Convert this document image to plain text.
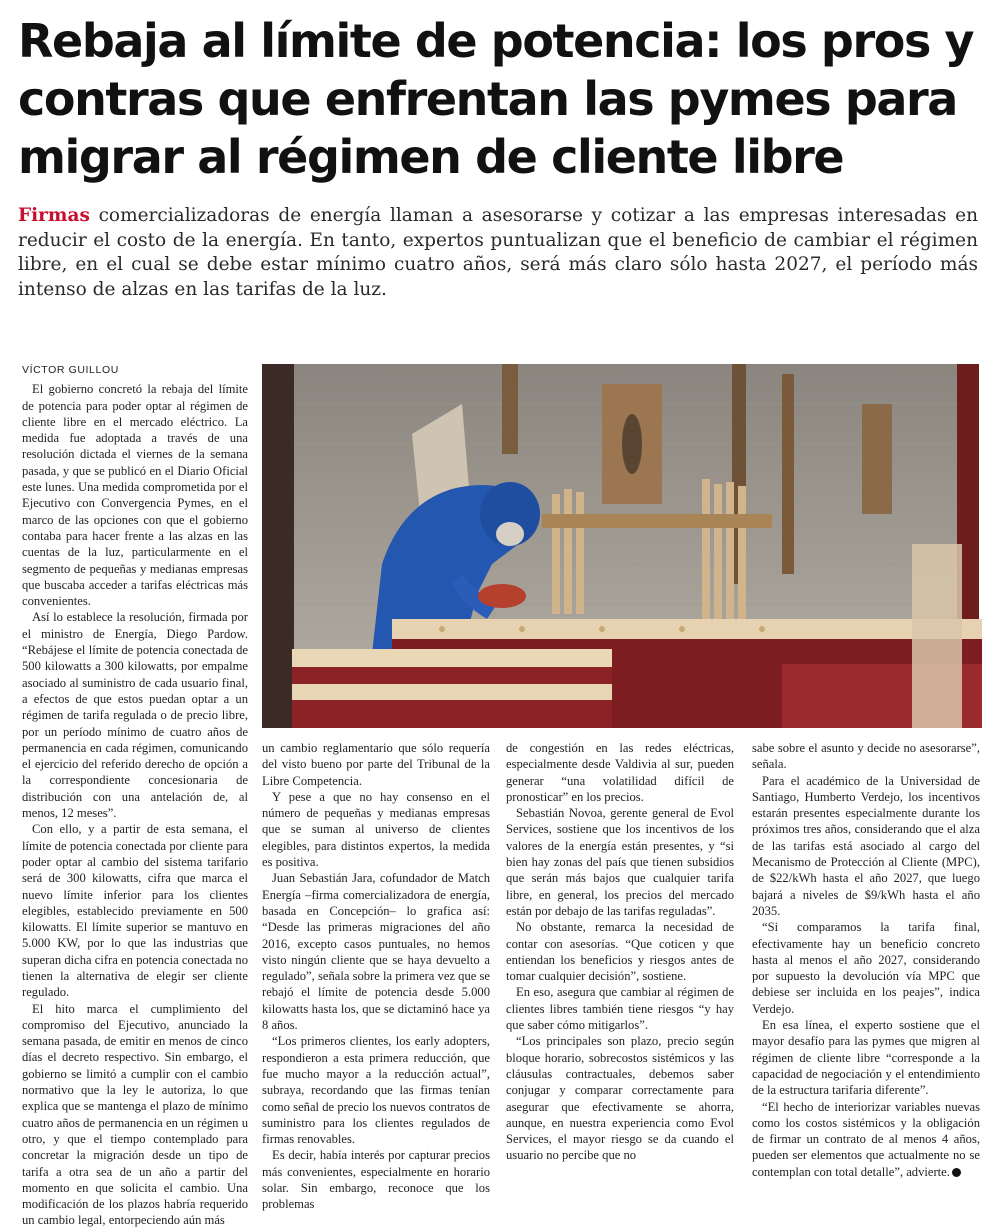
Rebaja al límite de potencia: los pros y contras que enfrentan las pymes para migrar al régimen de cliente libre

Firmas comercializadoras de energía llaman a asesorarse y cotizar a las empresas interesadas en reducir el costo de la energía. En tanto, expertos puntualizan que el beneficio de cambiar el régimen libre, en el cual se debe estar mínimo cuatro años, será más claro sólo hasta 2027, el período más intenso de alzas en las tarifas de la luz.

VÍCTOR GUILLOU

El gobierno concretó la rebaja del límite de potencia para poder optar al régimen de cliente libre en el mercado eléctrico. La medida fue adoptada a través de una resolución dictada el viernes de la semana pasada, y que se publicó en el Diario Oficial este lunes. Una medida comprometida por el Ejecutivo con Convergencia Pymes, en el marco de las opciones con que el gobierno contaba para hacer frente a las alzas en las cuentas de la luz, particularmente en el segmento de pequeñas y medianas empresas que buscaba acceder a tarifas eléctricas más convenientes.

Así lo establece la resolución, firmada por el ministro de Energía, Diego Pardow. “Rebájese el límite de potencia conectada de 500 kilowatts a 300 kilowatts, por empalme asociado al suministro de cada usuario final, a efectos de que estos puedan optar a un régimen de tarifa regulada o de precio libre, por un período mínimo de cuatro años de permanencia en cada régimen, comunicando el ejercicio del referido derecho de opción a la correspondiente concesionaria de distribución con una antelación de, al menos, 12 meses”.

Con ello, y a partir de esta semana, el límite de potencia conectada por cliente para poder optar al cambio del sistema tarifario será de 300 kilowatts, cifra que marca el nuevo límite inferior para los clientes elegibles, establecido previamente en 500 kilowatts. El límite superior se mantuvo en 5.000 KW, por lo que las industrias que superan dicha cifra en potencia conectada no tienen la alternativa de elegir ser cliente regulado.

El hito marca el cumplimiento del compromiso del Ejecutivo, anunciado la semana pasada, de emitir en menos de cinco días el decreto respectivo. Sin embargo, el gobierno se limitó a cumplir con el cambio normativo que la ley le autoriza, lo que explica que se mantenga el plazo de mínimo cuatro años de permanencia en un régimen u otro, y que el tiempo contemplado para concretar la migración desde un tipo de tarifa a otra sea de un año a partir del momento en que solicita el cambio. Una modificación de los plazos habría requerido un cambio legal, entorpeciendo aún más

un cambio reglamentario que sólo requería del visto bueno por parte del Tribunal de la Libre Competencia.

Y pese a que no hay consenso en el número de pequeñas y medianas empresas que se suman al universo de clientes elegibles, para distintos expertos, la medida es positiva.

Juan Sebastián Jara, cofundador de Match Energía –firma comercializadora de energía, basada en Concepción– lo grafica así: “Desde las primeras migraciones del año 2016, excepto casos puntuales, no hemos visto ningún cliente que se haya devuelto a regulado”, señala sobre la primera vez que se rebajó el límite de potencia desde 5.000 kilowatts hasta los, que se dictaminó hace ya 8 años.

“Los primeros clientes, los early adopters, respondieron a esta primera reducción, que fue mucho mayor a la reducción actual”, subraya, recordando que las firmas tenían como señal de precio los nuevos contratos de suministro para los clientes regulados de firmas renovables.

Es decir, había interés por capturar precios más convenientes, especialmente en horario solar. Sin embargo, reconoce que los problemas

de congestión en las redes eléctricas, especialmente desde Valdivia al sur, pueden generar “una volatilidad difícil de pronosticar” en los precios.

Sebastián Novoa, gerente general de Evol Services, sostiene que los incentivos de los valores de la energía están presentes, y “si bien hay zonas del país que tienen subsidios que serán más bajos que cualquier tarifa libre, en general, los precios del mercado están por debajo de las tarifas reguladas”.

No obstante, remarca la necesidad de contar con asesorías. “Que coticen y que entiendan los beneficios y riesgos antes de tomar cualquier decisión”, sostiene.

En eso, asegura que cambiar al régimen de clientes libres también tiene riesgos “y hay que saber cómo mitigarlos”.

“Los principales son plazo, precio según bloque horario, sobrecostos sistémicos y las cláusulas contractuales, debemos saber conjugar y comparar correctamente para asegurar que efectivamente se ahorra, aunque, en nuestra experiencia como Evol Services, el mayor riesgo se da cuando el usuario no percibe que no

sabe sobre el asunto y decide no asesorarse”, señala.

Para el académico de la Universidad de Santiago, Humberto Verdejo, los incentivos estarán presentes especialmente durante los próximos tres años, considerando que el alza de las tarifas está asociado al cargo del Mecanismo de Protección al Cliente (MPC), de $22/kWh hasta el año 2027, que luego bajará a niveles de $9/kWh hasta el año 2035.

“Si comparamos la tarifa final, efectivamente hay un beneficio concreto hasta al menos el año 2027, considerando por supuesto la devolución vía MPC que debiese ser incluida en los peajes”, indica Verdejo.

En esa línea, el experto sostiene que el mayor desafío para las pymes que migren al régimen de cliente libre “corresponde a la capacidad de negociación y el entendimiento de la estructura tarifaria diferente”.

“El hecho de interiorizar variables nuevas como los costos sistémicos y la obligación de firmar un contrato de al menos 4 años, pueden ser elementos que actualmente no se contemplan con total detalle”, advierte.
